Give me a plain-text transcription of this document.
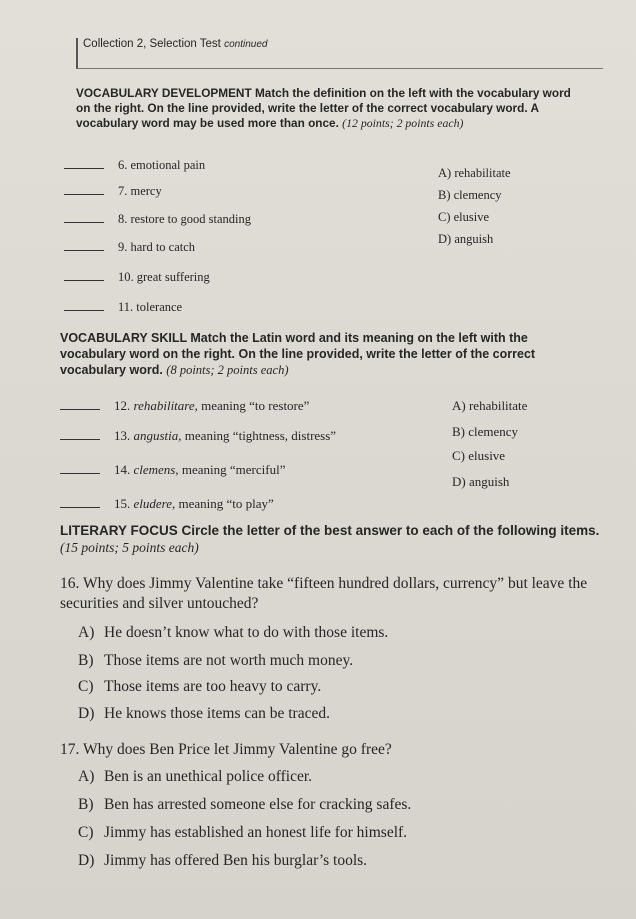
Collection 2, Selection Test continued
VOCABULARY DEVELOPMENT Match the definition on the left with the vocabulary word on the right. On the line provided, write the letter of the correct vocabulary word. A vocabulary word may be used more than once. (12 points; 2 points each)
6. emotional pain
7. mercy
8. restore to good standing
9. hard to catch
10. great suffering
11. tolerance
A) rehabilitate
B) clemency
C) elusive
D) anguish
VOCABULARY SKILL Match the Latin word and its meaning on the left with the vocabulary word on the right. On the line provided, write the letter of the correct vocabulary word. (8 points; 2 points each)
12. rehabilitare, meaning “to restore”
13. angustia, meaning “tightness, distress”
14. clemens, meaning “merciful”
15. eludere, meaning “to play”
A) rehabilitate
B) clemency
C) elusive
D) anguish
LITERARY FOCUS Circle the letter of the best answer to each of the following items. (15 points; 5 points each)
16. Why does Jimmy Valentine take “fifteen hundred dollars, currency” but leave the securities and silver untouched?
A) He doesn’t know what to do with those items.
B) Those items are not worth much money.
C) Those items are too heavy to carry.
D) He knows those items can be traced.
17. Why does Ben Price let Jimmy Valentine go free?
A) Ben is an unethical police officer.
B) Ben has arrested someone else for cracking safes.
C) Jimmy has established an honest life for himself.
D) Jimmy has offered Ben his burglar’s tools.
